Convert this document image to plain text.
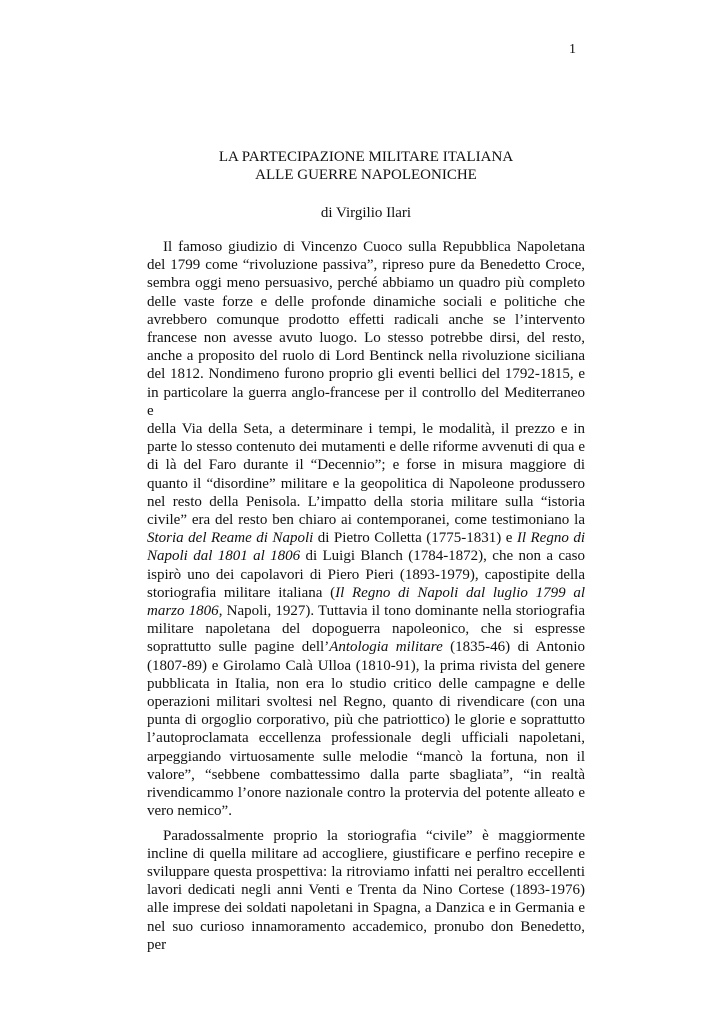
1

LA PARTECIPAZIONE MILITARE ITALIANA
ALLE GUERRE NAPOLEONICHE

di Virgilio Ilari

Il famoso giudizio di Vincenzo Cuoco sulla Repubblica Napoletana
del 1799 come “rivoluzione passiva”, ripreso pure da Benedetto Croce,
sembra oggi meno persuasivo, perché abbiamo un quadro più completo
delle vaste forze e delle profonde dinamiche sociali e politiche che
avrebbero comunque prodotto effetti radicali anche se l’intervento
francese non avesse avuto luogo. Lo stesso potrebbe dirsi, del resto,
anche a proposito del ruolo di Lord Bentinck nella rivoluzione siciliana
del 1812. Nondimeno furono proprio gli eventi bellici del 1792-1815, e
in particolare la guerra anglo-francese per il controllo del Mediterraneo e
della Via della Seta, a determinare i tempi, le modalità, il prezzo e in
parte lo stesso contenuto dei mutamenti e delle riforme avvenuti di qua e
di là del Faro durante il “Decennio”; e forse in misura maggiore di
quanto il “disordine” militare e la geopolitica di Napoleone produssero
nel resto della Penisola. L’impatto della storia militare sulla “istoria
civile” era del resto ben chiaro ai contemporanei, come testimoniano la
Storia del Reame di Napoli di Pietro Colletta (1775-1831) e Il Regno di
Napoli dal 1801 al 1806 di Luigi Blanch (1784-1872), che non a caso
ispirò uno dei capolavori di Piero Pieri (1893-1979), capostipite della
storiografia militare italiana (Il Regno di Napoli dal luglio 1799 al
marzo 1806, Napoli, 1927). Tuttavia il tono dominante nella storiografia
militare napoletana del dopoguerra napoleonico, che si espresse
soprattutto sulle pagine dell’Antologia militare (1835-46) di Antonio
(1807-89) e Girolamo Calà Ulloa (1810-91), la prima rivista del genere
pubblicata in Italia, non era lo studio critico delle campagne e delle
operazioni militari svoltesi nel Regno, quanto di rivendicare (con una
punta di orgoglio corporativo, più che patriottico) le glorie e soprattutto
l’autoproclamata eccellenza professionale degli ufficiali napoletani,
arpeggiando virtuosamente sulle melodie “mancò la fortuna, non il
valore”, “sebbene combattessimo dalla parte sbagliata”, “in realtà
rivendicammo l’onore nazionale contro la protervia del potente alleato e
vero nemico”.

Paradossalmente proprio la storiografia “civile” è maggiormente
incline di quella militare ad accogliere, giustificare e perfino recepire e
sviluppare questa prospettiva: la ritroviamo infatti nei peraltro eccellenti
lavori dedicati negli anni Venti e Trenta da Nino Cortese (1893-1976)
alle imprese dei soldati napoletani in Spagna, a Danzica e in Germania e
nel suo curioso innamoramento accademico, pronubo don Benedetto, per
